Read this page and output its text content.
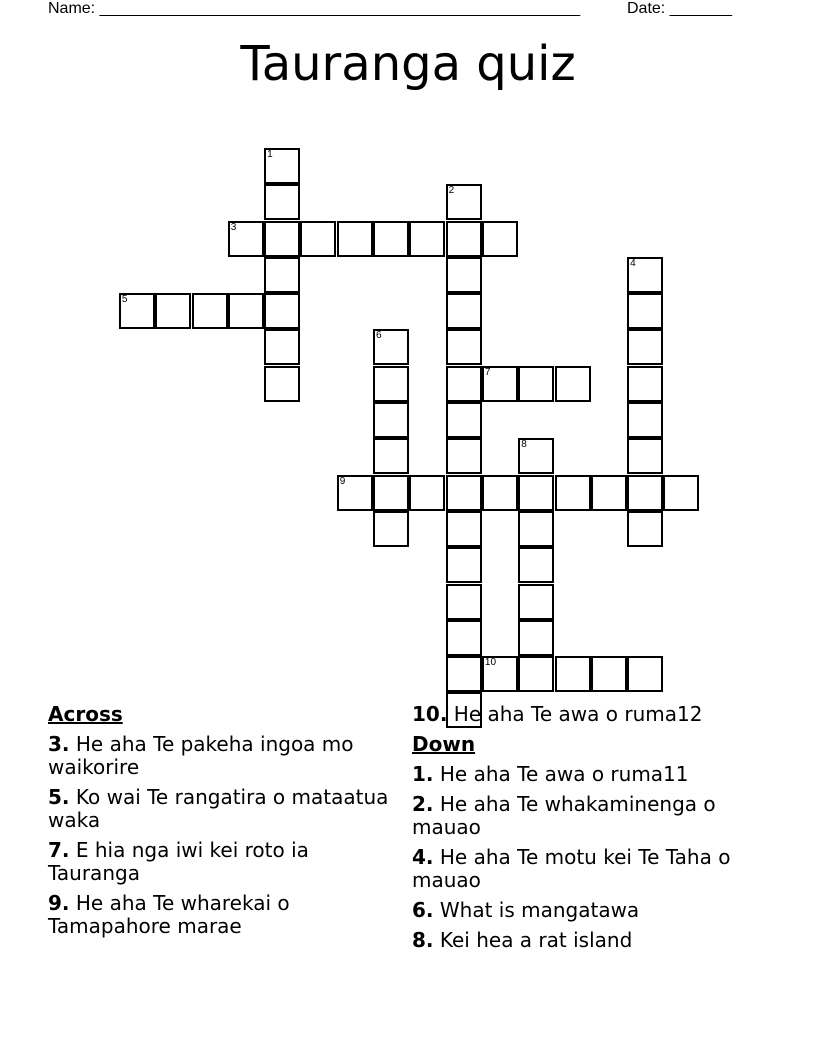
Name: ______________________________________________________	Date: _______
Tauranga quiz
1
2
3
4
5
6
7
8
9
10
Across
3. He aha Te pakeha ingoa mo waikorire
5. Ko wai Te rangatira o mataatua waka
7. E hia nga iwi kei roto ia Tauranga
9. He aha Te wharekai o Tamapahore marae
10. He aha Te awa o ruma12
Down
1. He aha Te awa o ruma11
2. He aha Te whakaminenga o mauao
4. He aha Te motu kei Te Taha o mauao
6. What is mangatawa
8. Kei hea a rat island
